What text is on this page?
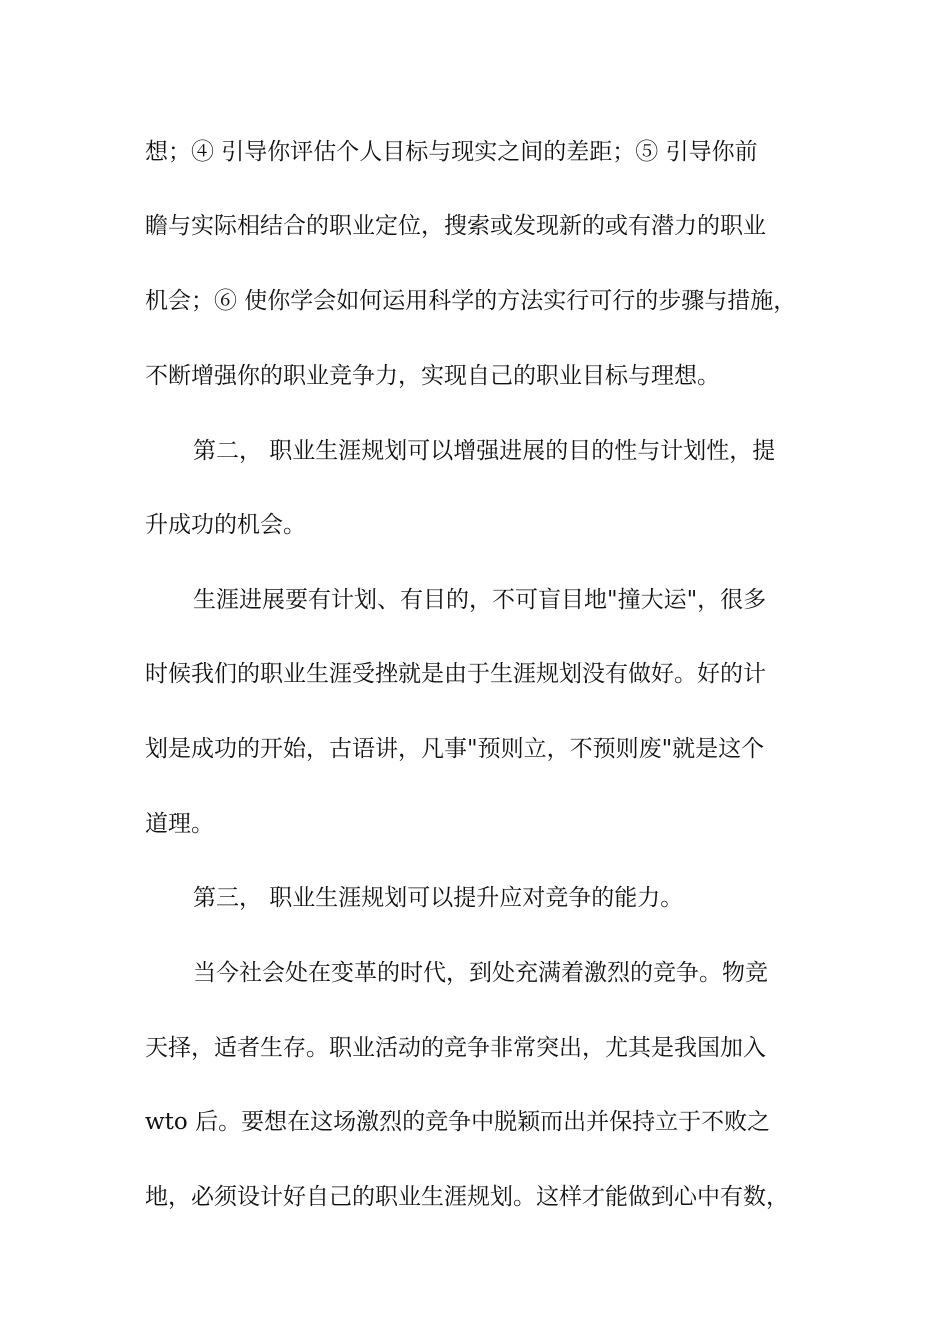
想；④ 引导你评估个人目标与现实之间的差距；⑤ 引导你前
瞻与实际相结合的职业定位，搜索或发现新的或有潜力的职业
机会；⑥ 使你学会如何运用科学的方法实行可行的步骤与措施，
不断增强你的职业竞争力，实现自己的职业目标与理想。
第二， 职业生涯规划可以增强进展的目的性与计划性，提
升成功的机会。
生涯进展要有计划、有目的，不可盲目地"撞大运"，很多
时候我们的职业生涯受挫就是由于生涯规划没有做好。好的计
划是成功的开始，古语讲，凡事"预则立，不预则废"就是这个
道理。
第三， 职业生涯规划可以提升应对竞争的能力。
当今社会处在变革的时代，到处充满着激烈的竞争。物竞
天择，适者生存。职业活动的竞争非常突出，尤其是我国加入
wto 后。要想在这场激烈的竞争中脱颖而出并保持立于不败之
地，必须设计好自己的职业生涯规划。这样才能做到心中有数，
